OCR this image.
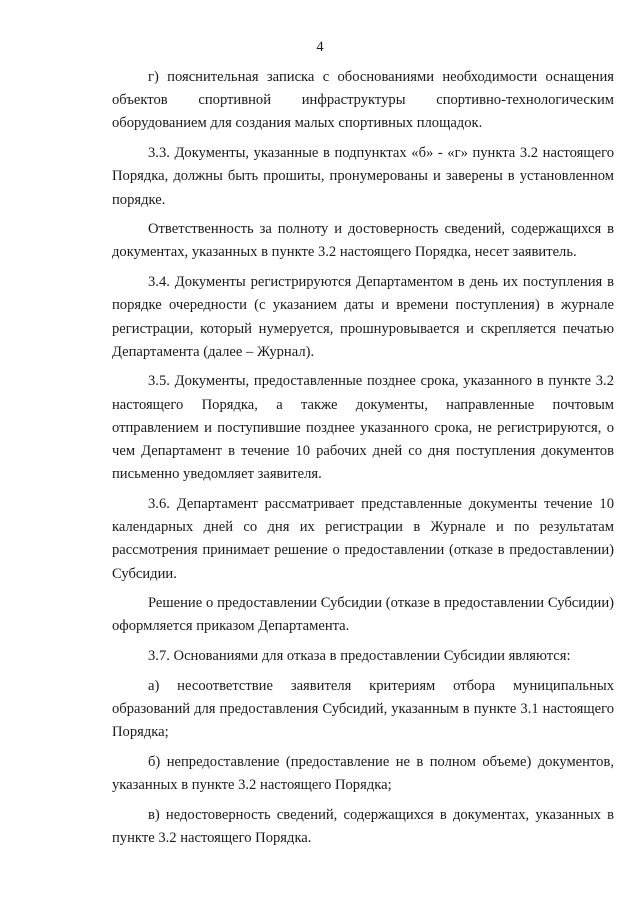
4

г) пояснительная записка с обоснованиями необходимости оснащения объектов спортивной инфраструктуры спортивно-технологическим оборудованием для создания малых спортивных площадок.

3.3. Документы, указанные в подпунктах «б» - «г» пункта 3.2 настоящего Порядка, должны быть прошиты, пронумерованы и заверены в установленном порядке.

Ответственность за полноту и достоверность сведений, содержащихся в документах, указанных в пункте 3.2 настоящего Порядка, несет заявитель.

3.4. Документы регистрируются Департаментом в день их поступления в порядке очередности (с указанием даты и времени поступления) в журнале регистрации, который нумеруется, прошнуровывается и скрепляется печатью Департамента (далее – Журнал).

3.5. Документы, предоставленные позднее срока, указанного в пункте 3.2 настоящего Порядка, а также документы, направленные почтовым отправлением и поступившие позднее указанного срока, не регистрируются, о чем Департамент в течение 10 рабочих дней со дня поступления документов письменно уведомляет заявителя.

3.6. Департамент рассматривает представленные документы течение 10 календарных дней со дня их регистрации в Журнале и по результатам рассмотрения принимает решение о предоставлении (отказе в предоставлении) Субсидии.

Решение о предоставлении Субсидии (отказе в предоставлении Субсидии) оформляется приказом Департамента.

3.7. Основаниями для отказа в предоставлении Субсидии являются:

а) несоответствие заявителя критериям отбора муниципальных образований для предоставления Субсидий, указанным в пункте 3.1 настоящего Порядка;

б) непредоставление (предоставление не в полном объеме) документов, указанных в пункте 3.2 настоящего Порядка;

в) недостоверность сведений, содержащихся в документах, указанных в пункте 3.2 настоящего Порядка.
